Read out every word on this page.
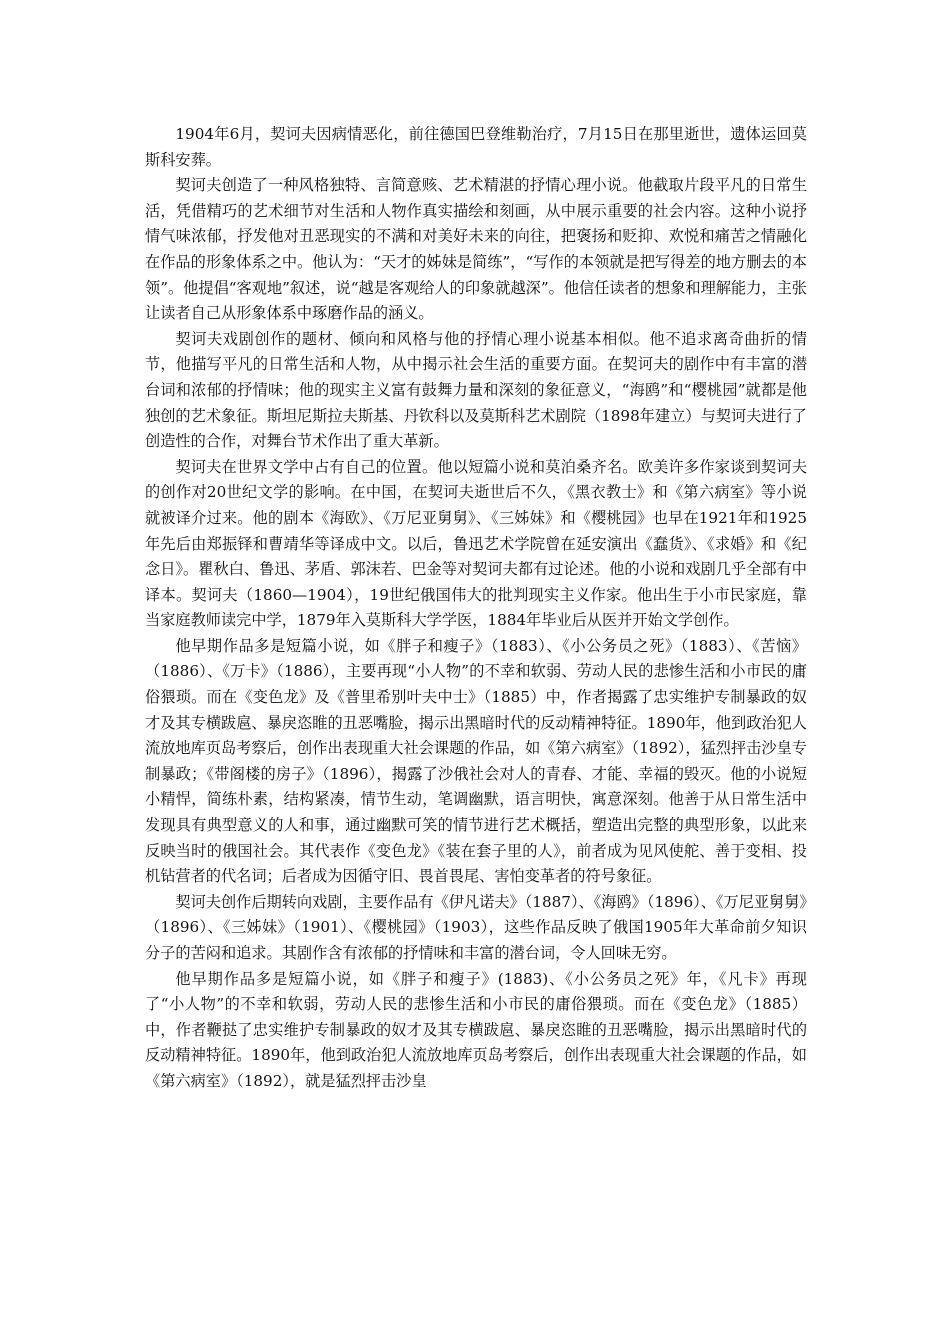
1904年6月，契诃夫因病情恶化，前往德国巴登维勒治疗，7月15日在那里逝世，遗体运回莫斯科安葬。

契诃夫创造了一种风格独特、言简意赅、艺术精湛的抒情心理小说。他截取片段平凡的日常生活，凭借精巧的艺术细节对生活和人物作真实描绘和刻画，从中展示重要的社会内容。这种小说抒情气味浓郁，抒发他对丑恶现实的不满和对美好未来的向往，把褒扬和贬抑、欢悦和痛苦之情融化在作品的形象体系之中。他认为：“天才的姊妹是简练”，“写作的本领就是把写得差的地方删去的本领”。他提倡“客观地”叙述，说“越是客观给人的印象就越深”。他信任读者的想象和理解能力，主张让读者自己从形象体系中琢磨作品的涵义。

契诃夫戏剧创作的题材、倾向和风格与他的抒情心理小说基本相似。他不追求离奇曲折的情节，他描写平凡的日常生活和人物，从中揭示社会生活的重要方面。在契诃夫的剧作中有丰富的潜台词和浓郁的抒情味；他的现实主义富有鼓舞力量和深刻的象征意义，“海鸥”和“樱桃园”就都是他独创的艺术象征。斯坦尼斯拉夫斯基、丹钦科以及莫斯科艺术剧院（1898年建立）与契诃夫进行了创造性的合作，对舞台节术作出了重大革新。

契诃夫在世界文学中占有自己的位置。他以短篇小说和莫泊桑齐名。欧美许多作家谈到契诃夫的创作对20世纪文学的影响。在中国，在契诃夫逝世后不久，《黑衣教士》和《第六病室》等小说就被译介过来。他的剧本《海欧》、《万尼亚舅舅》、《三姊妹》和《樱桃园》也早在1921年和1925年先后由郑振铎和曹靖华等译成中文。以后，鲁迅艺术学院曾在延安演出《蠢货》、《求婚》和《纪念日》。瞿秋白、鲁迅、茅盾、郭沫若、巴金等对契诃夫都有过论述。他的小说和戏剧几乎全部有中译本。契诃夫（1860—1904），19世纪俄国伟大的批判现实主义作家。他出生于小市民家庭，靠当家庭教师读完中学，1879年入莫斯科大学学医，1884年毕业后从医并开始文学创作。

他早期作品多是短篇小说，如《胖子和瘦子》（1883）、《小公务员之死》（1883）、《苦恼》（1886）、《万卡》（1886），主要再现“小人物”的不幸和软弱、劳动人民的悲惨生活和小市民的庸俗猥琐。而在《变色龙》及《普里希别叶夫中士》（1885）中，作者揭露了忠实维护专制暴政的奴才及其专横跋扈、暴戾恣睢的丑恶嘴脸，揭示出黑暗时代的反动精神特征。1890年，他到政治犯人流放地库页岛考察后，创作出表现重大社会课题的作品，如《第六病室》（1892），猛烈抨击沙皇专制暴政；《带阁楼的房子》（1896），揭露了沙俄社会对人的青春、才能、幸福的毁灭。他的小说短小精悍，简练朴素，结构紧凑，情节生动，笔调幽默，语言明快，寓意深刻。他善于从日常生活中发现具有典型意义的人和事，通过幽默可笑的情节进行艺术概括，塑造出完整的典型形象，以此来反映当时的俄国社会。其代表作《变色龙》《装在套子里的人》，前者成为见风使舵、善于变相、投机钻营者的代名词；后者成为因循守旧、畏首畏尾、害怕变革者的符号象征。

契诃夫创作后期转向戏剧，主要作品有《伊凡诺夫》（1887）、《海鸥》（1896）、《万尼亚舅舅》（1896）、《三姊妹》（1901）、《樱桃园》（1903），这些作品反映了俄国1905年大革命前夕知识分子的苦闷和追求。其剧作含有浓郁的抒情味和丰富的潜台词，令人回味无穷。

他早期作品多是短篇小说，如《胖子和瘦子》(1883)、《小公务员之死》年，《凡卡》再现了“小人物”的不幸和软弱，劳动人民的悲惨生活和小市民的庸俗猥琐。而在《变色龙》（1885）中，作者鞭挞了忠实维护专制暴政的奴才及其专横跋扈、暴戾恣睢的丑恶嘴脸，揭示出黑暗时代的反动精神特征。1890年，他到政治犯人流放地库页岛考察后，创作出表现重大社会课题的作品，如《第六病室》（1892），就是猛烈抨击沙皇
